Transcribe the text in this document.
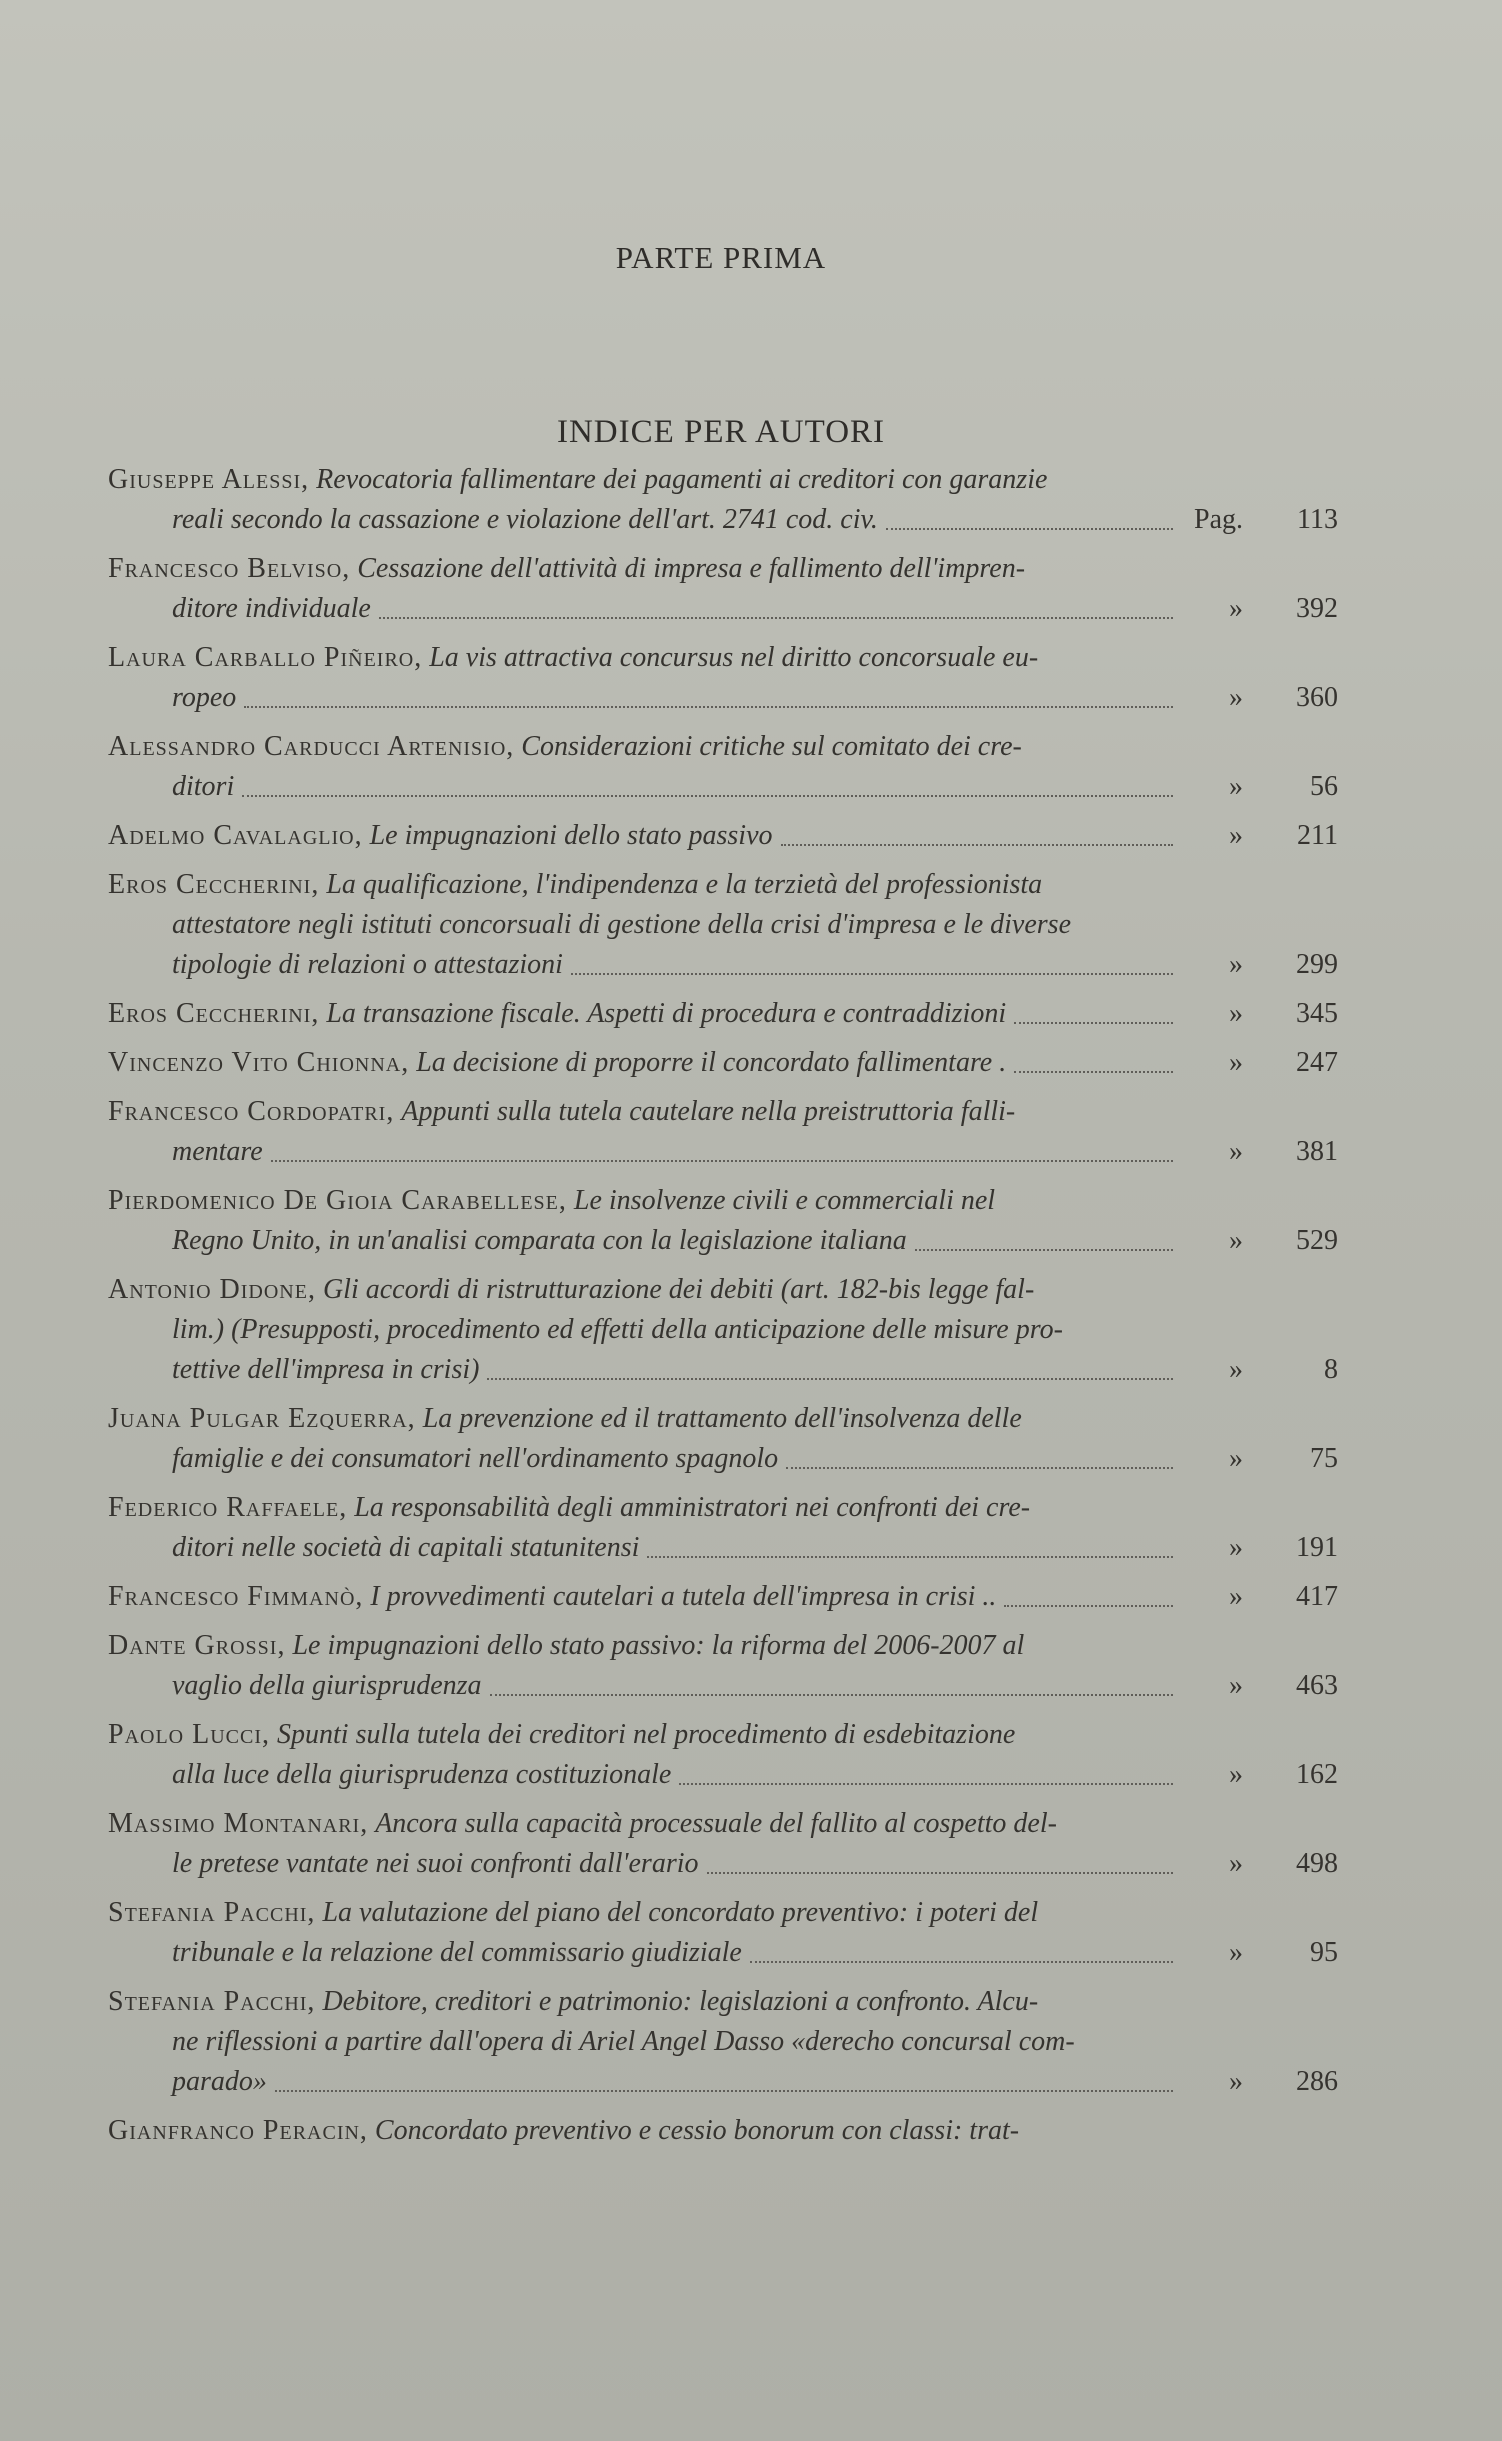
PARTE PRIMA
INDICE PER AUTORI
Giuseppe Alessi, Revocatoria fallimentare dei pagamenti ai creditori con garanzie
reali secondo la cassazione e violazione dell'art. 2741 cod. civ.	Pag.	113
Francesco Belviso, Cessazione dell'attività di impresa e fallimento dell'impren-
ditore individuale	»	392
Laura Carballo Piñeiro, La vis attractiva concursus nel diritto concorsuale eu-
ropeo	»	360
Alessandro Carducci Artenisio, Considerazioni critiche sul comitato dei cre-
ditori	»	56
Adelmo Cavalaglio, Le impugnazioni dello stato passivo	»	211
Eros Ceccherini, La qualificazione, l'indipendenza e la terzietà del professionista
attestatore negli istituti concorsuali di gestione della crisi d'impresa e le diverse
tipologie di relazioni o attestazioni	»	299
Eros Ceccherini, La transazione fiscale. Aspetti di procedura e contraddizioni	»	345
Vincenzo Vito Chionna, La decisione di proporre il concordato fallimentare .	»	247
Francesco Cordopatri, Appunti sulla tutela cautelare nella preistruttoria falli-
mentare	»	381
Pierdomenico De Gioia Carabellese, Le insolvenze civili e commerciali nel
Regno Unito, in un'analisi comparata con la legislazione italiana	»	529
Antonio Didone, Gli accordi di ristrutturazione dei debiti (art. 182-bis legge fal-
lim.) (Presupposti, procedimento ed effetti della anticipazione delle misure pro-
tettive dell'impresa in crisi)	»	8
Juana Pulgar Ezquerra, La prevenzione ed il trattamento dell'insolvenza delle
famiglie e dei consumatori nell'ordinamento spagnolo	»	75
Federico Raffaele, La responsabilità degli amministratori nei confronti dei cre-
ditori nelle società di capitali statunitensi	»	191
Francesco Fimmanò, I provvedimenti cautelari a tutela dell'impresa in crisi ..	»	417
Dante Grossi, Le impugnazioni dello stato passivo: la riforma del 2006-2007 al
vaglio della giurisprudenza	»	463
Paolo Lucci, Spunti sulla tutela dei creditori nel procedimento di esdebitazione
alla luce della giurisprudenza costituzionale	»	162
Massimo Montanari, Ancora sulla capacità processuale del fallito al cospetto del-
le pretese vantate nei suoi confronti dall'erario	»	498
Stefania Pacchi, La valutazione del piano del concordato preventivo: i poteri del
tribunale e la relazione del commissario giudiziale	»	95
Stefania Pacchi, Debitore, creditori e patrimonio: legislazioni a confronto. Alcu-
ne riflessioni a partire dall'opera di Ariel Angel Dasso «derecho concursal com-
parado»	»	286
Gianfranco Peracin, Concordato preventivo e cessio bonorum con classi: trat-
